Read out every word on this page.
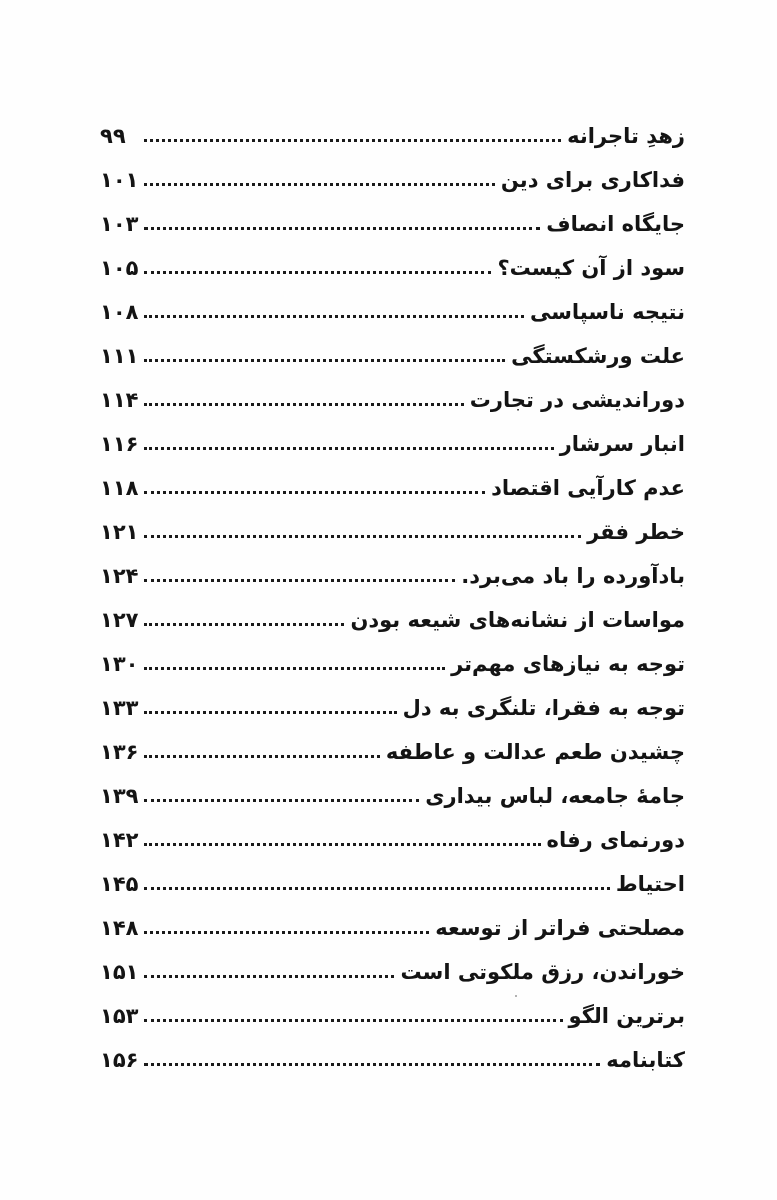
زهدِ تاجرانه
۹۹
فداکاری برای دین
۱۰۱
جایگاه انصاف
۱۰۳
سود از آن کیست؟
۱۰۵
نتیجه ناسپاسی
۱۰۸
علت ورشکستگی
۱۱۱
دوراندیشی در تجارت
۱۱۴
انبار سرشار
۱۱۶
عدم کارآیی اقتصاد
۱۱۸
خطر فقر
۱۲۱
بادآورده را باد می‌برد.
۱۲۴
مواسات از نشانه‌های شیعه بودن
۱۲۷
توجه به نیازهای مهم‌تر
۱۳۰
توجه به فقرا، تلنگری به دل
۱۳۳
چشیدن طعم عدالت و عاطفه
۱۳۶
جامهٔ جامعه، لباس بیداری
۱۳۹
دورنمای رفاه
۱۴۲
احتیاط
۱۴۵
مصلحتی فراتر از توسعه
۱۴۸
خوراندن، رزق ملکوتی است
۱۵۱
برترین الگو
۱۵۳
کتابنامه
۱۵۶
